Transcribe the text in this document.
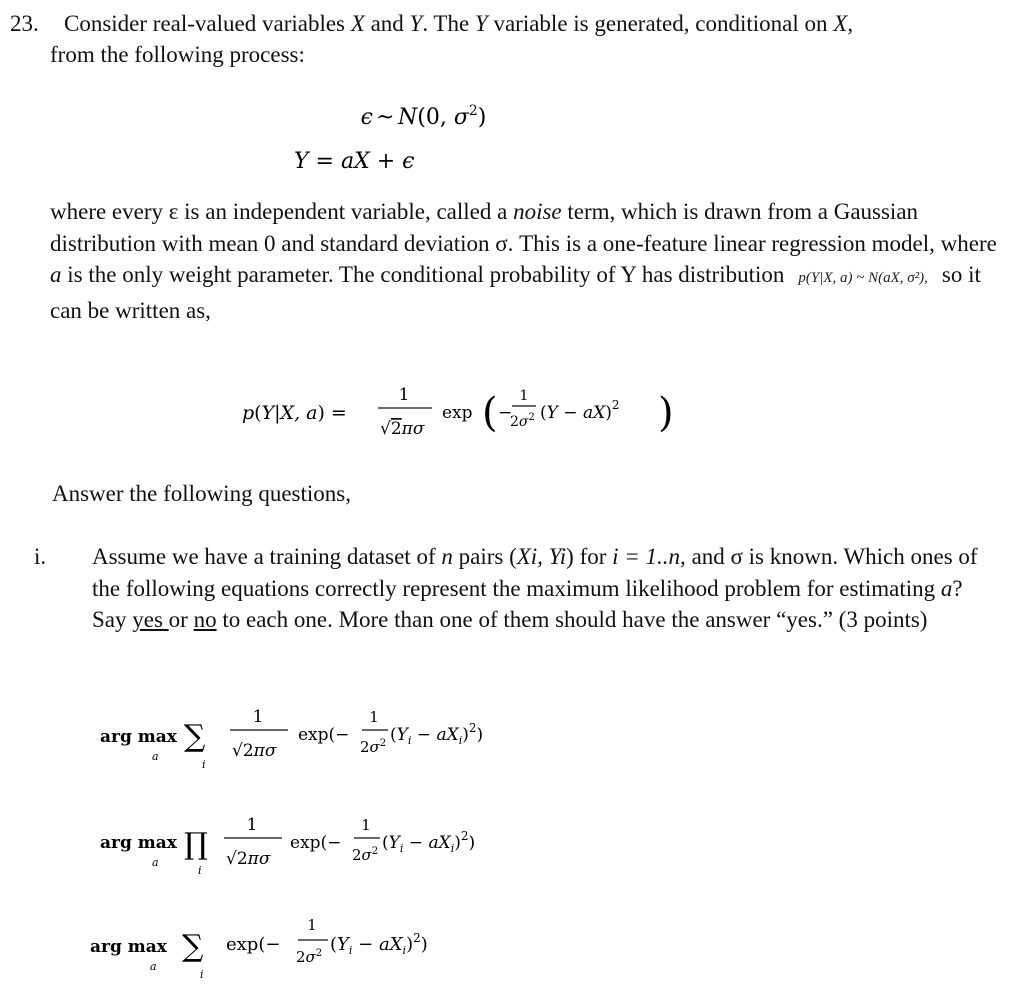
23. Consider real-valued variables X and Y. The Y variable is generated, conditional on X,
from the following process:
ϵ ~ N(0, $\sigma^2$)
Y = aX + ϵ
where every ε is an independent variable, called a noise term, which is drawn from a Gaussian distribution with mean 0 and standard deviation σ. This is a one-feature linear regression model, where a is the only weight parameter. The conditional probability of Y has distribution p(Y|X, a) ~ N(aX, σ²), so it can be written as,
p(Y|X, a) =
1
√2πσ
exp ( −
1
$2\sigma^2$ (Y − aX)$^2$ )
Answer the following questions,
i. Assume we have a training dataset of n pairs (Xi, Yi) for i = 1..n, and σ is known. Which ones of the following equations correctly represent the maximum likelihood problem for estimating a? Say yes or no to each one. More than one of them should have the answer “yes.” (3 points)
arg max
a
∑
i
1
√2πσ
exp(−
1
$2\sigma^2$ $(Y_i - aX_i)^2$)
arg max
a
∏
i
1
√2πσ
exp(−
1
$2\sigma^2$ $(Y_i - aX_i)^2$)
arg max
a
∑
i
exp(−
1
$2\sigma^2$ $(Y_i - aX_i)^2$)
